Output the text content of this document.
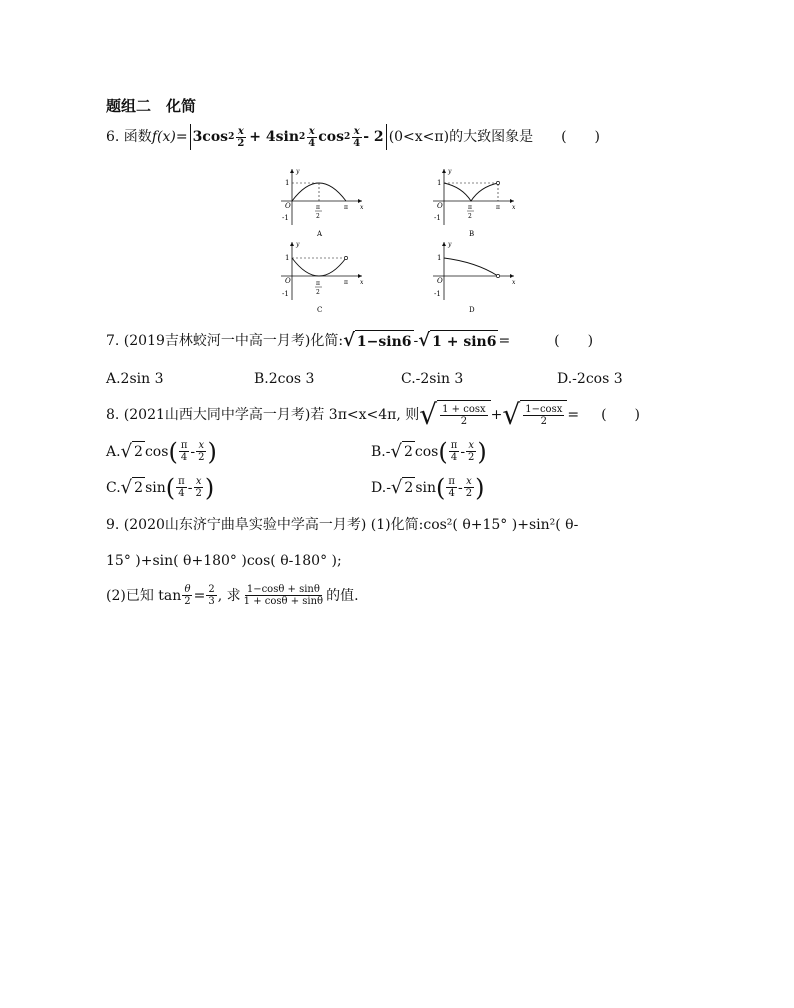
题组二　化简
6. 函数 f(x) = 3cos $2 \frac{x}{2} + 4\sin$ $2 \frac{x}{4}$ $\cos 2 \frac{x}{4} - 2$ (0<x<π) 的大致图象是 (　　)
y
x
1
-1
O	π
2
π
A
y
x
1
-1
O	π
2
π
B
y
x
1
-1
O	π
2
π
C
y
x
1
-1
O
D
7. (2019吉林蛟河一中高一月考)化简: √ 1−sin6 - √ 1 + sin6 =	(　　)
A.2sin 3	B.2cos 3	C.-2sin 3	D.-2cos 3
8. (2021山西大同中学高一月考)若 3π<x<4π, 则 √ $\frac{1 + \cos x}{2}$ + √ $\frac{1-\cos x}{2}$ = (　　)
A. √ 2 cos ( $\frac{\pi}{4} - \frac{x}{2}$ )	B. - √ 2 cos ( $\frac{\pi}{4} - \frac{x}{2}$ )
C. √ 2 sin ( $\frac{\pi}{4} - \frac{x}{2}$ )	D. - √ 2 sin ( $\frac{\pi}{4} - \frac{x}{2}$ )
9. (2020山东济宁曲阜实验中学高一月考) (1)化简:cos²( θ+15° )+sin²( θ-
15° )+sin( θ+180° )cos( θ-180° );
(2)已知 $\tan \frac{\theta}{2} = \frac{2}{3}$ , 求 $\frac{1-\cos\theta + \sin\theta}{1 + \cos\theta + \sin\theta}$ 的值.
